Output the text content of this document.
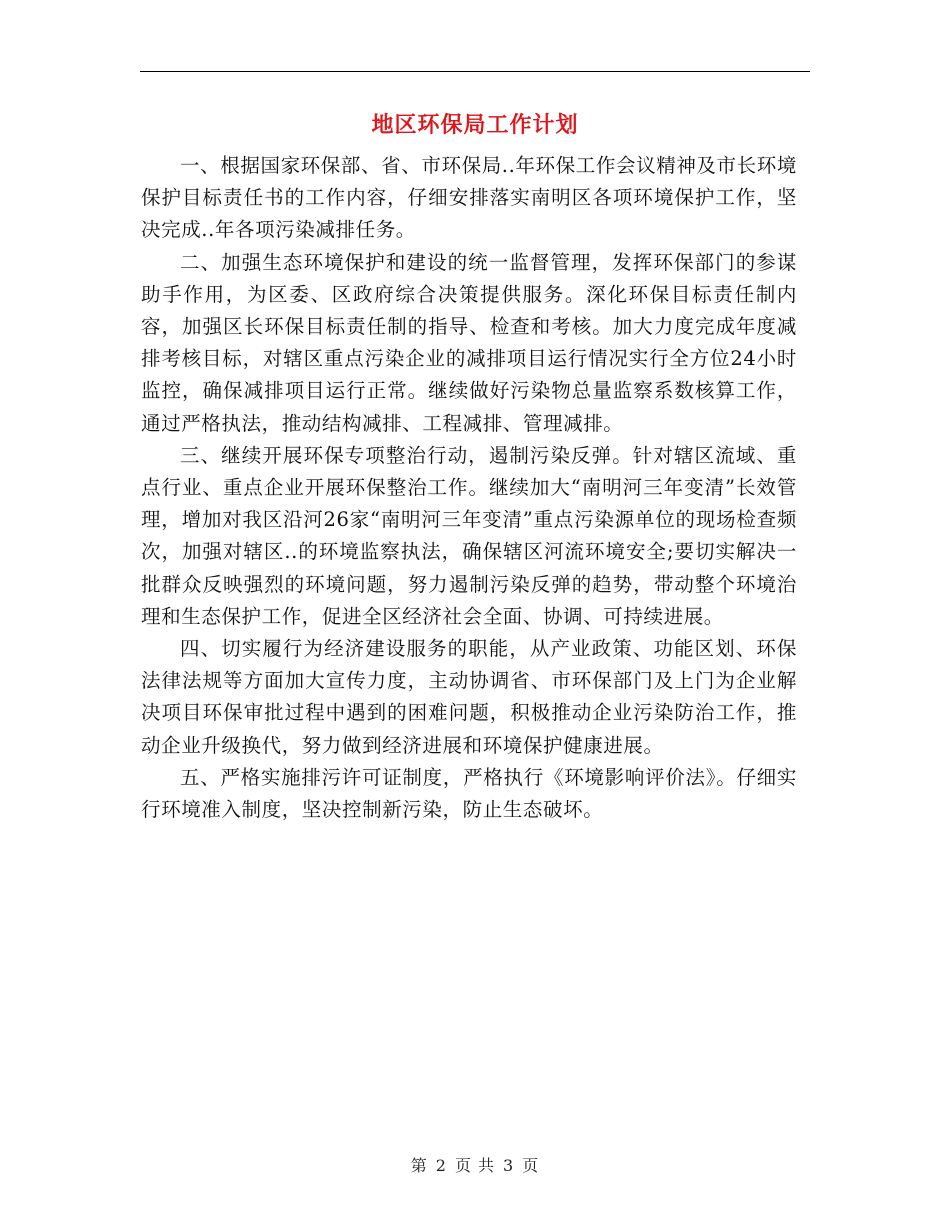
地区环保局工作计划

一、根据国家环保部、省、市环保局..年环保工作会议精神及市长环境保护目标责任书的工作内容，仔细安排落实南明区各项环境保护工作，坚决完成..年各项污染减排任务。

二、加强生态环境保护和建设的统一监督管理，发挥环保部门的参谋助手作用，为区委、区政府综合决策提供服务。深化环保目标责任制内容，加强区长环保目标责任制的指导、检查和考核。加大力度完成年度减排考核目标，对辖区重点污染企业的减排项目运行情况实行全方位24小时监控，确保减排项目运行正常。继续做好污染物总量监察系数核算工作，通过严格执法，推动结构减排、工程减排、管理减排。

三、继续开展环保专项整治行动，遏制污染反弹。针对辖区流域、重点行业、重点企业开展环保整治工作。继续加大“南明河三年变清”长效管理，增加对我区沿河26家“南明河三年变清”重点污染源单位的现场检查频次，加强对辖区..的环境监察执法，确保辖区河流环境安全;要切实解决一批群众反映强烈的环境问题，努力遏制污染反弹的趋势，带动整个环境治理和生态保护工作，促进全区经济社会全面、协调、可持续进展。

四、切实履行为经济建设服务的职能，从产业政策、功能区划、环保法律法规等方面加大宣传力度，主动协调省、市环保部门及上门为企业解决项目环保审批过程中遇到的困难问题，积极推动企业污染防治工作，推动企业升级换代，努力做到经济进展和环境保护健康进展。

五、严格实施排污许可证制度，严格执行《环境影响评价法》。仔细实行环境准入制度，坚决控制新污染，防止生态破坏。

第 2 页 共 3 页
